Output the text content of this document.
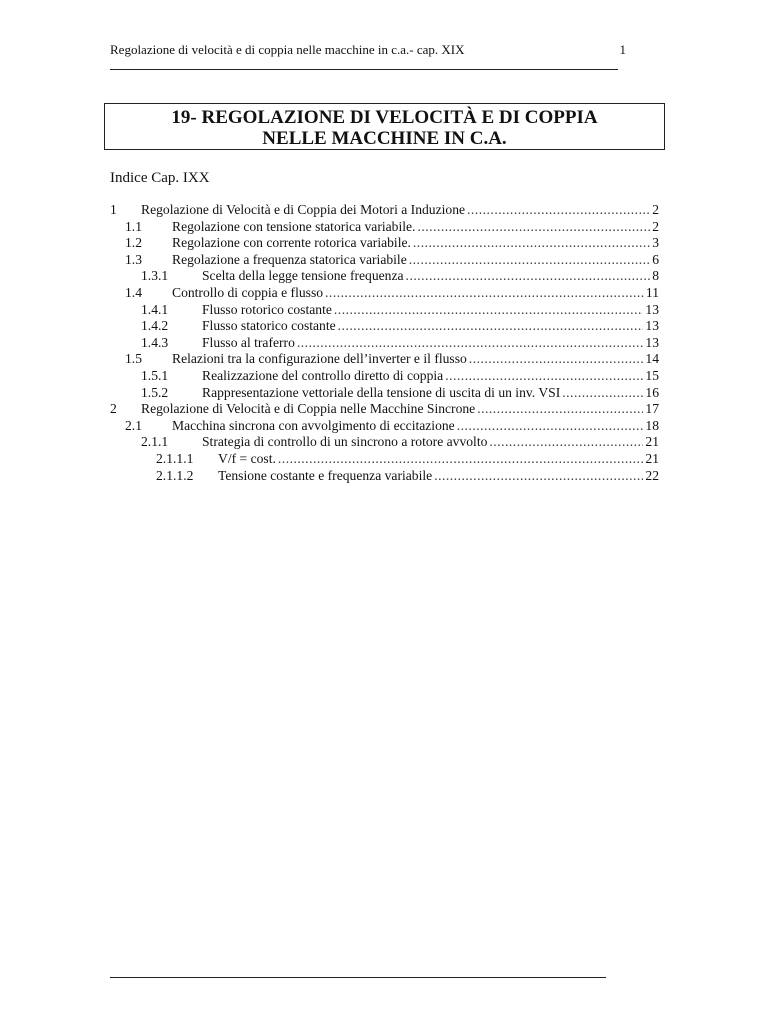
Regolazione di velocità e di coppia nelle macchine in c.a.- cap. XIX	1
19- REGOLAZIONE DI VELOCITÀ E DI COPPIA
NELLE MACCHINE IN C.A.
Indice Cap. IXX
1	Regolazione di Velocità e di Coppia dei Motori a Induzione .....	2
1.1	Regolazione con tensione statorica variabile. .....	2
1.2	Regolazione con corrente rotorica variabile. .....	3
1.3	Regolazione a frequenza statorica variabile .....	6
1.3.1	Scelta della legge tensione frequenza .....	8
1.4	Controllo di coppia e flusso .....	11
1.4.1	Flusso rotorico costante .....	13
1.4.2	Flusso statorico costante .....	13
1.4.3	Flusso al traferro .....	13
1.5	Relazioni tra la configurazione dell’inverter e il flusso .....	14
1.5.1	Realizzazione del controllo diretto di coppia .....	15
1.5.2	Rappresentazione vettoriale della tensione di uscita di un inv. VSI .....	16
2	Regolazione di Velocità e di Coppia nelle Macchine Sincrone .....	17
2.1	Macchina sincrona con avvolgimento di eccitazione .....	18
2.1.1	Strategia di controllo di un sincrono a rotore avvolto .....	21
2.1.1.1	V/f = cost. .....	21
2.1.1.2	Tensione costante e frequenza variabile .....	22
